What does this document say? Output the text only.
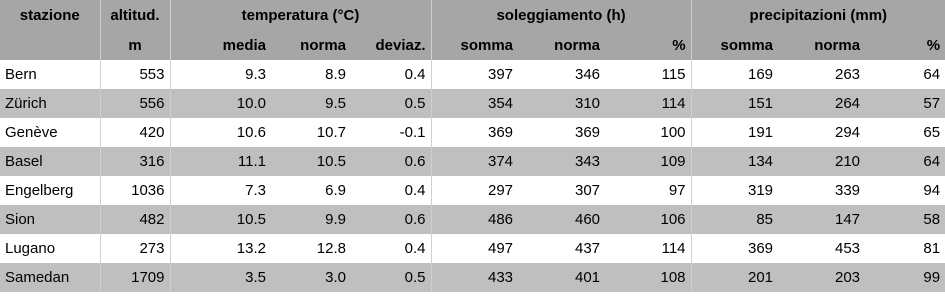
stazione	altitud.	temperatura (°C)			soleggiamento (h)			precipitazioni (mm)		
	m	media	norma	deviaz.	somma	norma	%	somma	norma	%
Bern	553	9.3	8.9	0.4	397	346	115	169	263	64
Zürich	556	10.0	9.5	0.5	354	310	114	151	264	57
Genève	420	10.6	10.7	-0.1	369	369	100	191	294	65
Basel	316	11.1	10.5	0.6	374	343	109	134	210	64
Engelberg	1036	7.3	6.9	0.4	297	307	97	319	339	94
Sion	482	10.5	9.9	0.6	486	460	106	85	147	58
Lugano	273	13.2	12.8	0.4	497	437	114	369	453	81
Samedan	1709	3.5	3.0	0.5	433	401	108	201	203	99
